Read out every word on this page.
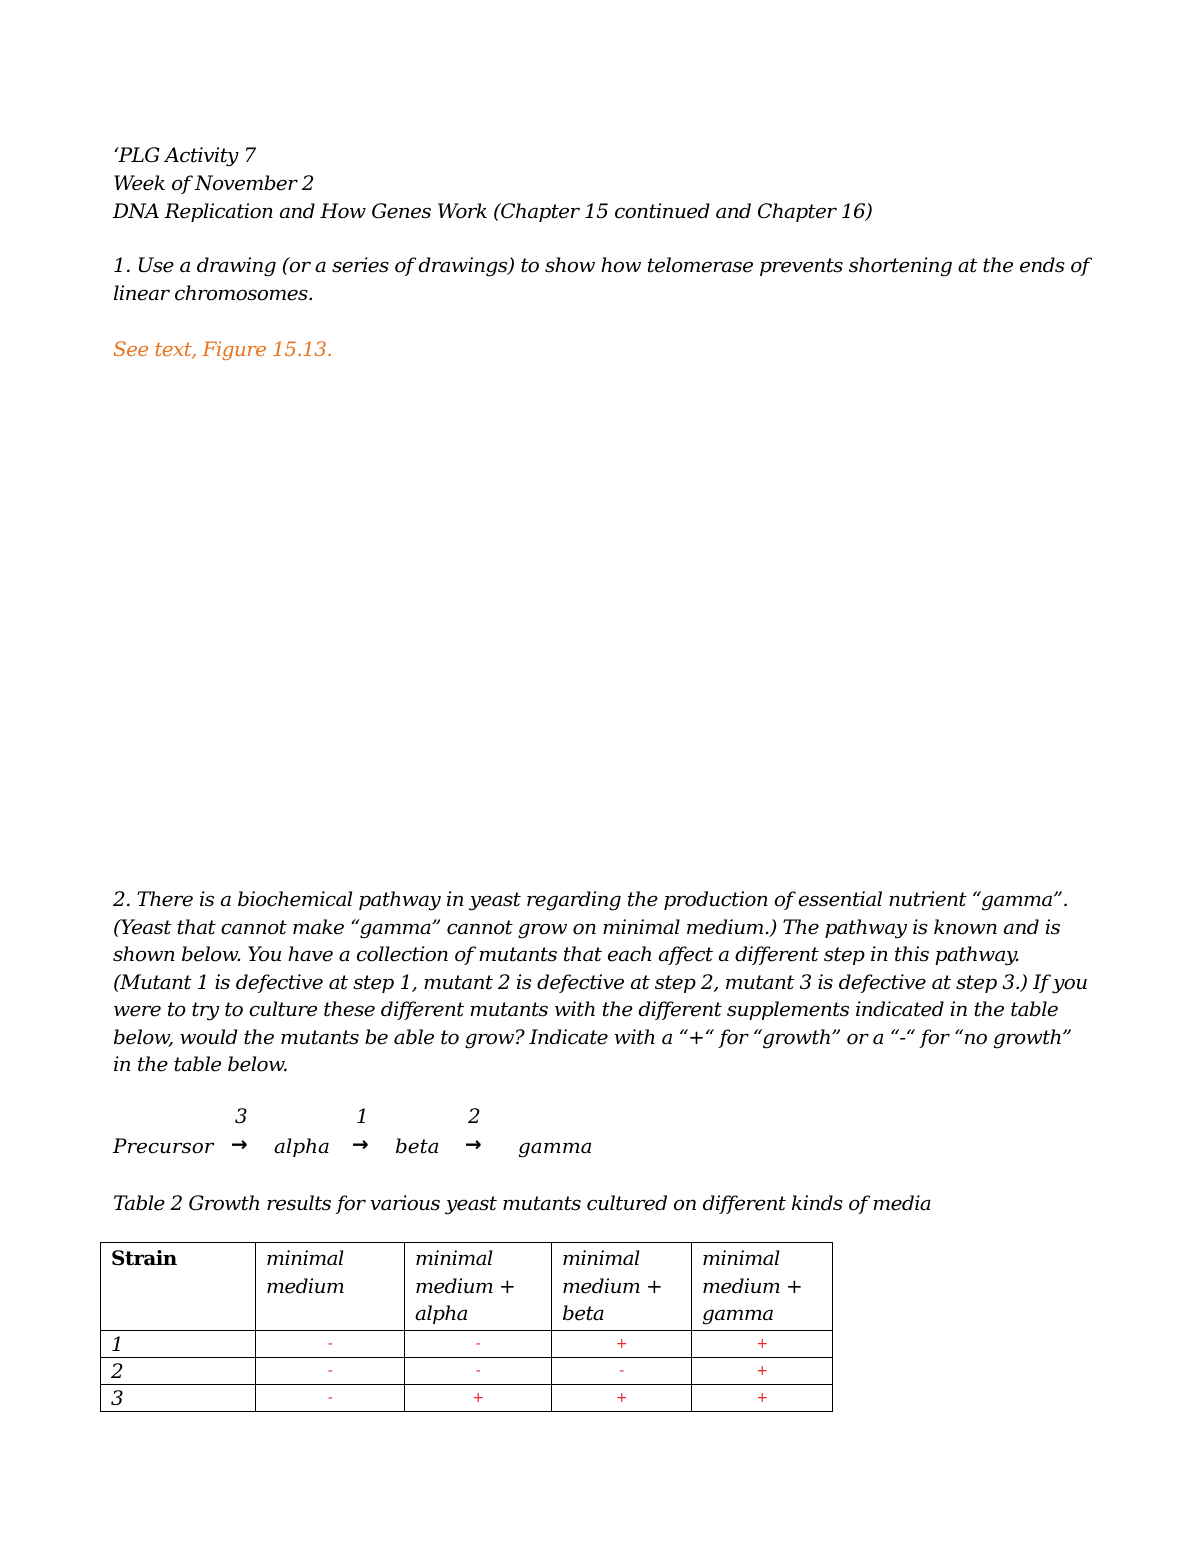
‘PLG Activity 7
Week of November 2
DNA Replication and How Genes Work (Chapter 15 continued and Chapter 16)
1. Use a drawing (or a series of drawings) to show how telomerase prevents shortening at the ends of linear chromosomes.
See text, Figure 15.13.
2. There is a biochemical pathway in yeast regarding the production of essential nutrient “gamma”. (Yeast that cannot make “gamma” cannot grow on minimal medium.) The pathway is known and is shown below. You have a collection of mutants that each affect a different step in this pathway. (Mutant 1 is defective at step 1, mutant 2 is defective at step 2, mutant 3 is defective at step 3.) If you were to try to culture these different mutants with the different supplements indicated in the table below, would the mutants be able to grow? Indicate with a “+“ for “growth” or a “-“ for “no growth” in the table below.
3	1	2
Precursor → alpha → beta → gamma
Table 2 Growth results for various yeast mutants cultured on different kinds of media
Strain	minimal medium	minimal medium + alpha	minimal medium + beta	minimal medium + gamma
1	-	-	+	+
2	-	-	-	+
3	-	+	+	+
